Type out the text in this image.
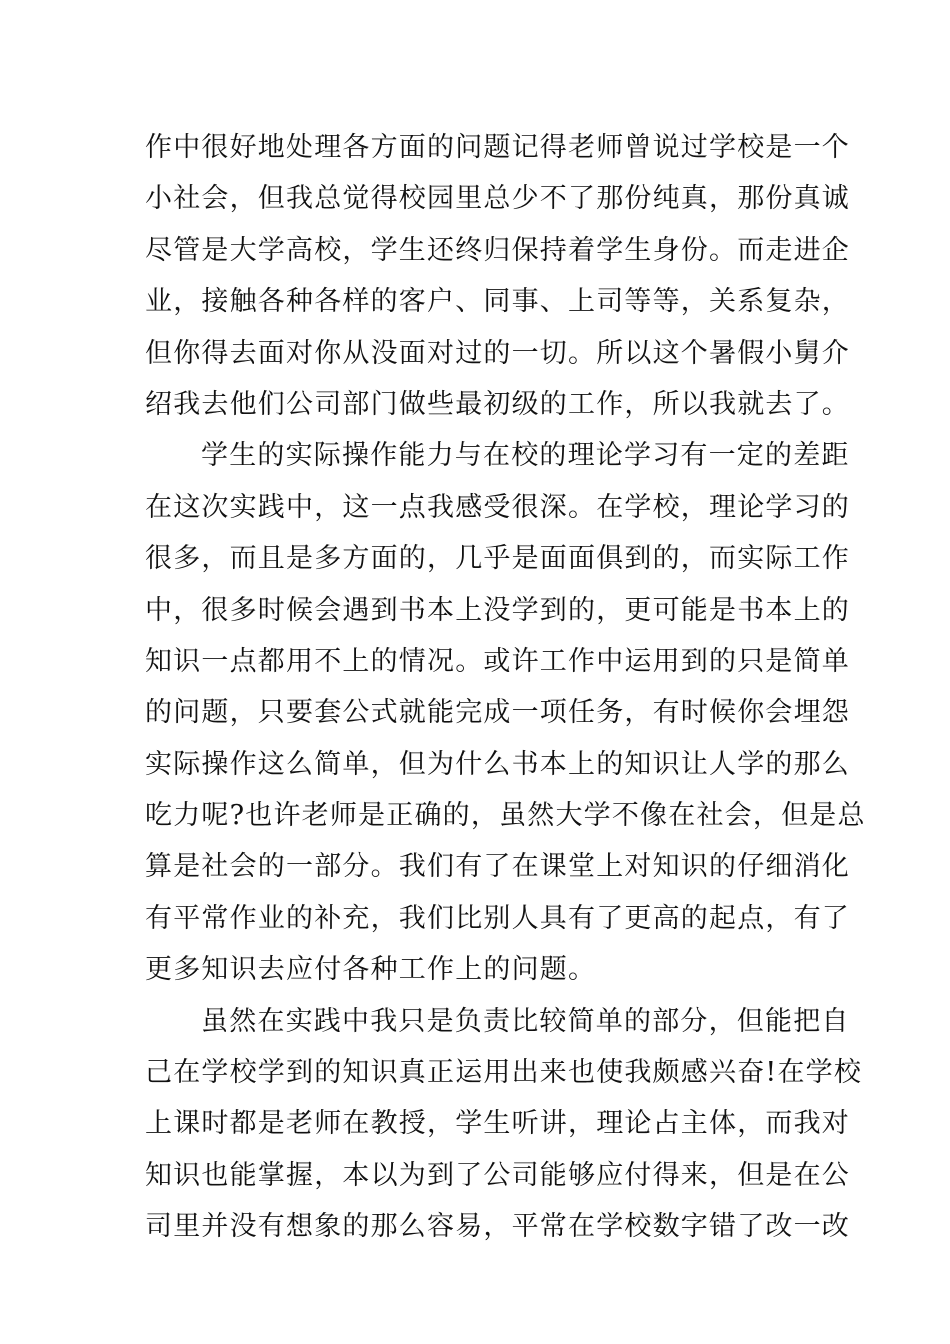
作中很好地处理各方面的问题记得老师曾说过学校是一个
小社会，但我总觉得校园里总少不了那份纯真，那份真诚
尽管是大学高校，学生还终归保持着学生身份。而走进企
业，接触各种各样的客户、同事、上司等等，关系复杂，
但你得去面对你从没面对过的一切。所以这个暑假小舅介
绍我去他们公司部门做些最初级的工作，所以我就去了。
学生的实际操作能力与在校的理论学习有一定的差距
在这次实践中，这一点我感受很深。在学校，理论学习的
很多，而且是多方面的，几乎是面面俱到的，而实际工作
中，很多时候会遇到书本上没学到的，更可能是书本上的
知识一点都用不上的情况。或许工作中运用到的只是简单
的问题，只要套公式就能完成一项任务，有时候你会埋怨
实际操作这么简单，但为什么书本上的知识让人学的那么
吃力呢?也许老师是正确的，虽然大学不像在社会，但是总
算是社会的一部分。我们有了在课堂上对知识的仔细消化
有平常作业的补充，我们比别人具有了更高的起点，有了
更多知识去应付各种工作上的问题。
虽然在实践中我只是负责比较简单的部分，但能把自
己在学校学到的知识真正运用出来也使我颇感兴奋!在学校
上课时都是老师在教授，学生听讲，理论占主体，而我对
知识也能掌握，本以为到了公司能够应付得来，但是在公
司里并没有想象的那么容易，平常在学校数字错了改一改
